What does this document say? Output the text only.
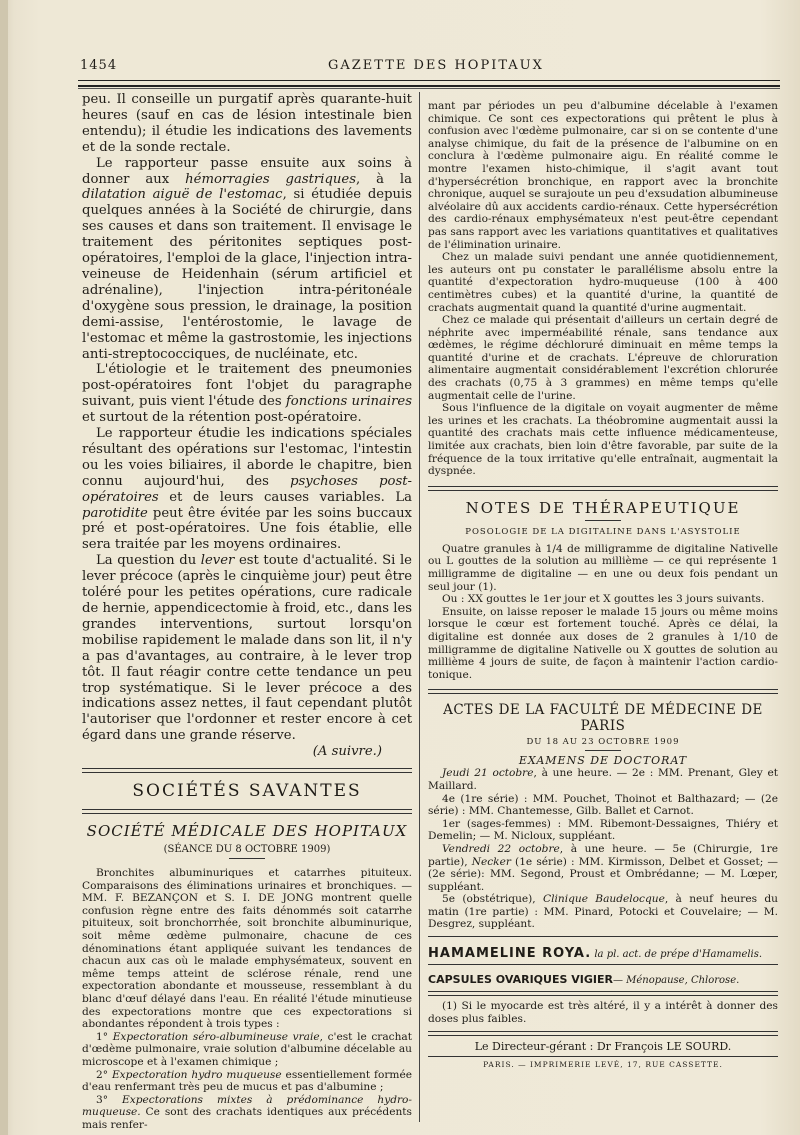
1454	GAZETTE DES HOPITAUX

peu. Il conseille un purgatif après quarante-huit heures (sauf en cas de lésion intestinale bien entendu); il étudie les indications des lavements et de la sonde rectale.

Le rapporteur passe ensuite aux soins à donner aux hémorragies gastriques, à la dilatation aiguë de l'estomac, si étudiée depuis quelques années à la Société de chirurgie, dans ses causes et dans son traitement. Il envisage le traitement des péritonites septiques post-opératoires, l'emploi de la glace, l'injection intra-veineuse de Heidenhain (sérum artificiel et adrénaline), l'injection intra-péritonéale d'oxygène sous pression, le drainage, la position demi-assise, l'entérostomie, le lavage de l'estomac et même la gastrostomie, les injections anti-streptococciques, de nucléinate, etc.

L'étiologie et le traitement des pneumonies post-opératoires font l'objet du paragraphe suivant, puis vient l'étude des fonctions urinaires et surtout de la rétention post-opératoire.

Le rapporteur étudie les indications spéciales résultant des opérations sur l'estomac, l'intestin ou les voies biliaires, il aborde le chapitre, bien connu aujourd'hui, des psychoses post-opératoires et de leurs causes variables. La parotidite peut être évitée par les soins buccaux pré et post-opératoires. Une fois établie, elle sera traitée par les moyens ordinaires.

La question du lever est toute d'actualité. Si le lever précoce (après le cinquième jour) peut être toléré pour les petites opérations, cure radicale de hernie, appendicectomie à froid, etc., dans les grandes interventions, surtout lorsqu'on mobilise rapidement le malade dans son lit, il n'y a pas d'avantages, au contraire, à le lever trop tôt. Il faut réagir contre cette tendance un peu trop systématique. Si le lever précoce a des indications assez nettes, il faut cependant plutôt l'autoriser que l'ordonner et rester encore à cet égard dans une grande réserve.

(A suivre.)

SOCIÉTÉS SAVANTES
SOCIÉTÉ MÉDICALE DES HOPITAUX
(SÉANCE DU 8 OCTOBRE 1909)

Bronchites albuminuriques et catarrhes pituiteux. Comparaisons des éliminations urinaires et bronchiques. — MM. F. BEZANÇON et S. I. DE JONG montrent quelle confusion règne entre des faits dénommés soit catarrhe pituiteux, soit bronchorrhée, soit bronchite albuminurique, soit même œdème pulmonaire, chacune de ces dénominations étant appliquée suivant les tendances de chacun aux cas où le malade emphysémateux, souvent en même temps atteint de sclérose rénale, rend une expectoration abondante et mousseuse, ressemblant à du blanc d'œuf délayé dans l'eau. En réalité l'étude minutieuse des expectorations montre que ces expectorations si abondantes répondent à trois types :

1° Expectoration séro-albumineuse vraie, c'est le crachat d'œdème pulmonaire, vraie solution d'albumine décelable au microscope et à l'examen chimique ;

2° Expectoration hydro muqueuse essentiellement formée d'eau renfermant très peu de mucus et pas d'albumine ;

3° Expectorations mixtes à prédominance hydro-muqueuse. Ce sont des crachats identiques aux précédents mais renfer-

mant par périodes un peu d'albumine décelable à l'examen chimique. Ce sont ces expectorations qui prêtent le plus à confusion avec l'œdème pulmonaire, car si on se contente d'une analyse chimique, du fait de la présence de l'albumine on en conclura à l'œdème pulmonaire aigu. En réalité comme le montre l'examen histo-chimique, il s'agit avant tout d'hypersécrétion bronchique, en rapport avec la bronchite chronique, auquel se surajoute un peu d'exsudation albumineuse alvéolaire dû aux accidents cardio-rénaux. Cette hypersécrétion des cardio-rénaux emphysémateux n'est peut-être cependant pas sans rapport avec les variations quantitatives et qualitatives de l'élimination urinaire.

Chez un malade suivi pendant une année quotidiennement, les auteurs ont pu constater le parallélisme absolu entre la quantité d'expectoration hydro-muqueuse (100 à 400 centimètres cubes) et la quantité d'urine, la quantité de crachats augmentait quand la quantité d'urine augmentait.

Chez ce malade qui présentait d'ailleurs un certain degré de néphrite avec imperméabilité rénale, sans tendance aux œdèmes, le régime déchloruré diminuait en même temps la quantité d'urine et de crachats. L'épreuve de chloruration alimentaire augmentait considérablement l'excrétion chlorurée des crachats (0,75 à 3 grammes) en même temps qu'elle augmentait celle de l'urine.

Sous l'influence de la digitale on voyait augmenter de même les urines et les crachats. La théobromine augmentait aussi la quantité des crachats mais cette influence médicamenteuse, limitée aux crachats, bien loin d'être favorable, par suite de la fréquence de la toux irritative qu'elle entraînait, augmentait la dyspnée.

NOTES DE THÉRAPEUTIQUE
POSOLOGIE DE LA DIGITALINE DANS L'ASYSTOLIE

Quatre granules à 1/4 de milligramme de digitaline Nativelle ou L gouttes de la solution au millième — ce qui représente 1 milligramme de digitaline — en une ou deux fois pendant un seul jour (1).

Ou : XX gouttes le 1er jour et X gouttes les 3 jours suivants.

Ensuite, on laisse reposer le malade 15 jours ou même moins lorsque le cœur est fortement touché. Après ce délai, la digitaline est donnée aux doses de 2 granules à 1/10 de milligramme de digitaline Nativelle ou X gouttes de solution au millième 4 jours de suite, de façon à maintenir l'action cardio-tonique.

ACTES DE LA FACULTÉ DE MÉDECINE DE PARIS
DU 18 AU 23 OCTOBRE 1909
EXAMENS DE DOCTORAT

Jeudi 21 octobre, à une heure. — 2e : MM. Prenant, Gley et Maillard.

4e (1re série) : MM. Pouchet, Thoinot et Balthazard; — (2e série) : MM. Chantemesse, Gilb. Ballet et Carnot.

1er (sages-femmes) : MM. Ribemont-Dessaignes, Thiéry et Demelin; — M. Nicloux, suppléant.

Vendredi 22 octobre, à une heure. — 5e (Chirurgie, 1re partie), Necker (1e série) : MM. Kirmisson, Delbet et Gosset; — (2e série): MM. Segond, Proust et Ombrédanne; — M. Lœper, suppléant.

5e (obstétrique), Clinique Baudelocque, à neuf heures du matin (1re partie) : MM. Pinard, Potocki et Couvelaire; — M. Desgrez, suppléant.

HAMAMELINE ROYA. la pl. act. de prépe d'Hamamelis.
CAPSULES OVARIQUES VIGIER— Ménopause, Chlorose.

(1) Si le myocarde est très altéré, il y a intérêt à donner des doses plus faibles.

Le Directeur-gérant : Dr François LE SOURD.
PARIS. — IMPRIMERIE LEVÉ, 17, RUE CASSETTE.
